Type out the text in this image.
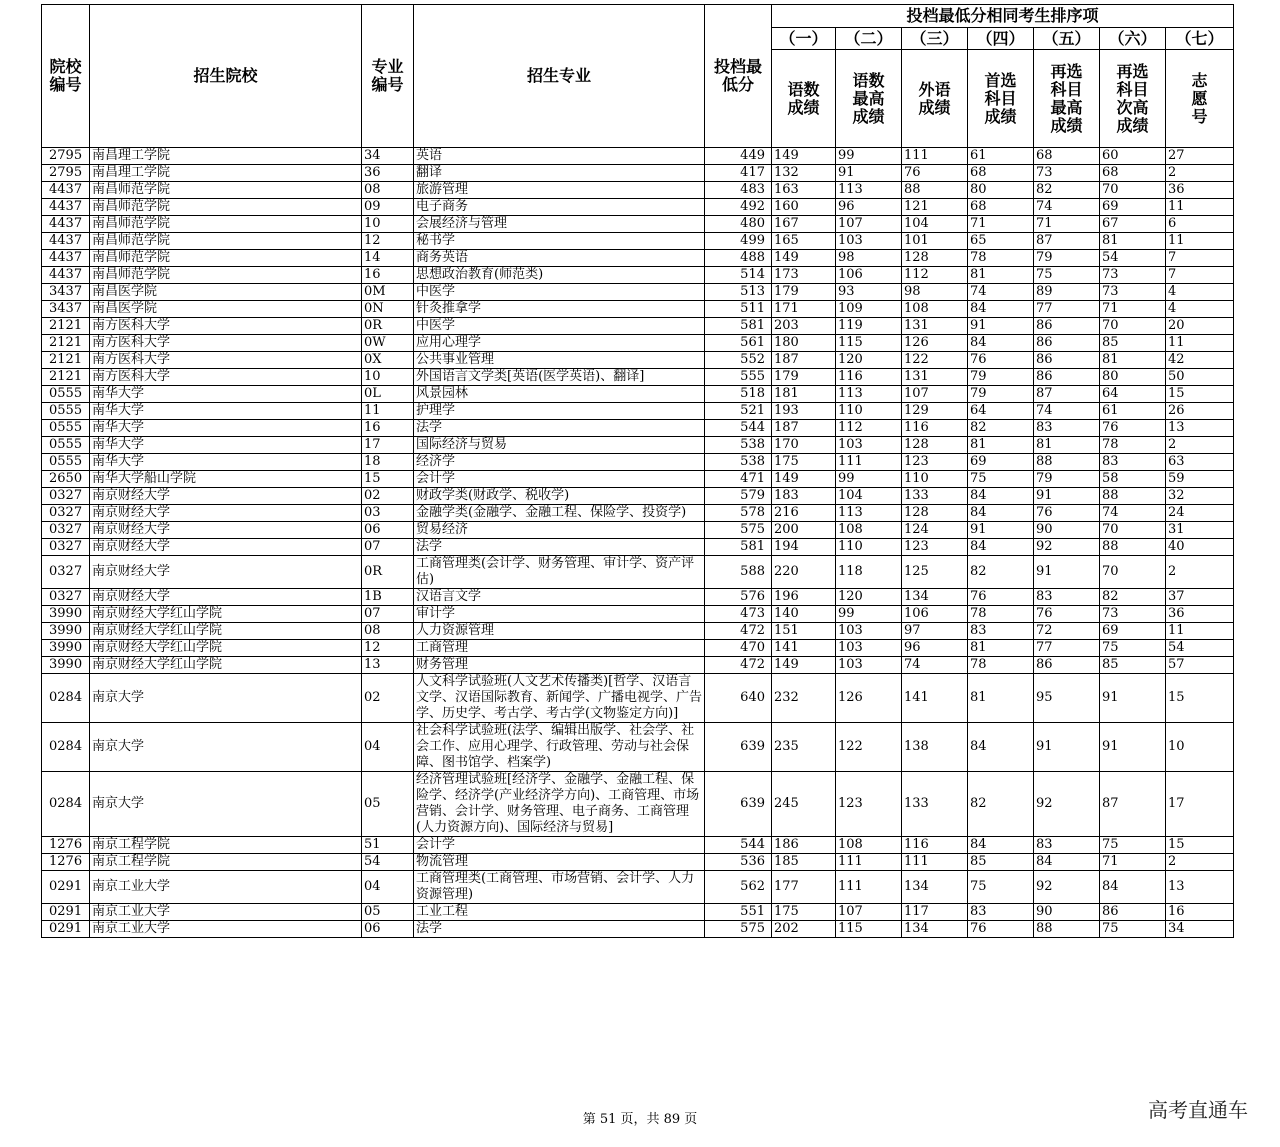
院校编号	招生院校	专业编号	招生专业	投档最低分	投档最低分相同考生排序项						
					（一）	（二）	（三）	（四）	（五）	（六）	（七）
					语数成绩	语数最高成绩	外语成绩	首选科目成绩	再选科目最高成绩	再选科目次高成绩	志愿号
2795	南昌理工学院	34	英语	449	149	99	111	61	68	60	27
2795	南昌理工学院	36	翻译	417	132	91	76	68	73	68	2
4437	南昌师范学院	08	旅游管理	483	163	113	88	80	82	70	36
4437	南昌师范学院	09	电子商务	492	160	96	121	68	74	69	11
4437	南昌师范学院	10	会展经济与管理	480	167	107	104	71	71	67	6
4437	南昌师范学院	12	秘书学	499	165	103	101	65	87	81	11
4437	南昌师范学院	14	商务英语	488	149	98	128	78	79	54	7
4437	南昌师范学院	16	思想政治教育(师范类)	514	173	106	112	81	75	73	7
3437	南昌医学院	0M	中医学	513	179	93	98	74	89	73	4
3437	南昌医学院	0N	针灸推拿学	511	171	109	108	84	77	71	4
2121	南方医科大学	0R	中医学	581	203	119	131	91	86	70	20
2121	南方医科大学	0W	应用心理学	561	180	115	126	84	86	85	11
2121	南方医科大学	0X	公共事业管理	552	187	120	122	76	86	81	42
2121	南方医科大学	10	外国语言文学类[英语(医学英语)、翻译]	555	179	116	131	79	86	80	50
0555	南华大学	0L	风景园林	518	181	113	107	79	87	64	15
0555	南华大学	11	护理学	521	193	110	129	64	74	61	26
0555	南华大学	16	法学	544	187	112	116	82	83	76	13
0555	南华大学	17	国际经济与贸易	538	170	103	128	81	81	78	2
0555	南华大学	18	经济学	538	175	111	123	69	88	83	63
2650	南华大学船山学院	15	会计学	471	149	99	110	75	79	58	59
0327	南京财经大学	02	财政学类(财政学、税收学)	579	183	104	133	84	91	88	32
0327	南京财经大学	03	金融学类(金融学、金融工程、保险学、投资学)	578	216	113	128	84	76	74	24
0327	南京财经大学	06	贸易经济	575	200	108	124	91	90	70	31
0327	南京财经大学	07	法学	581	194	110	123	84	92	88	40
0327	南京财经大学	0R	工商管理类(会计学、财务管理、审计学、资产评估)	588	220	118	125	82	91	70	2
0327	南京财经大学	1B	汉语言文学	576	196	120	134	76	83	82	37
3990	南京财经大学红山学院	07	审计学	473	140	99	106	78	76	73	36
3990	南京财经大学红山学院	08	人力资源管理	472	151	103	97	83	72	69	11
3990	南京财经大学红山学院	12	工商管理	470	141	103	96	81	77	75	54
3990	南京财经大学红山学院	13	财务管理	472	149	103	74	78	86	85	57
0284	南京大学	02	人文科学试验班(人文艺术传播类)[哲学、汉语言文学、汉语国际教育、新闻学、广播电视学、广告学、历史学、考古学、考古学(文物鉴定方向)]	640	232	126	141	81	95	91	15
0284	南京大学	04	社会科学试验班(法学、编辑出版学、社会学、社会工作、应用心理学、行政管理、劳动与社会保障、图书馆学、档案学)	639	235	122	138	84	91	91	10
0284	南京大学	05	经济管理试验班[经济学、金融学、金融工程、保险学、经济学(产业经济学方向)、工商管理、市场营销、会计学、财务管理、电子商务、工商管理(人力资源方向)、国际经济与贸易]	639	245	123	133	82	92	87	17
1276	南京工程学院	51	会计学	544	186	108	116	84	83	75	15
1276	南京工程学院	54	物流管理	536	185	111	111	85	84	71	2
0291	南京工业大学	04	工商管理类(工商管理、市场营销、会计学、人力资源管理)	562	177	111	134	75	92	84	13
0291	南京工业大学	05	工业工程	551	175	107	117	83	90	86	16
0291	南京工业大学	06	法学	575	202	115	134	76	88	75	34
第 51 页，共 89 页	高考直通车
